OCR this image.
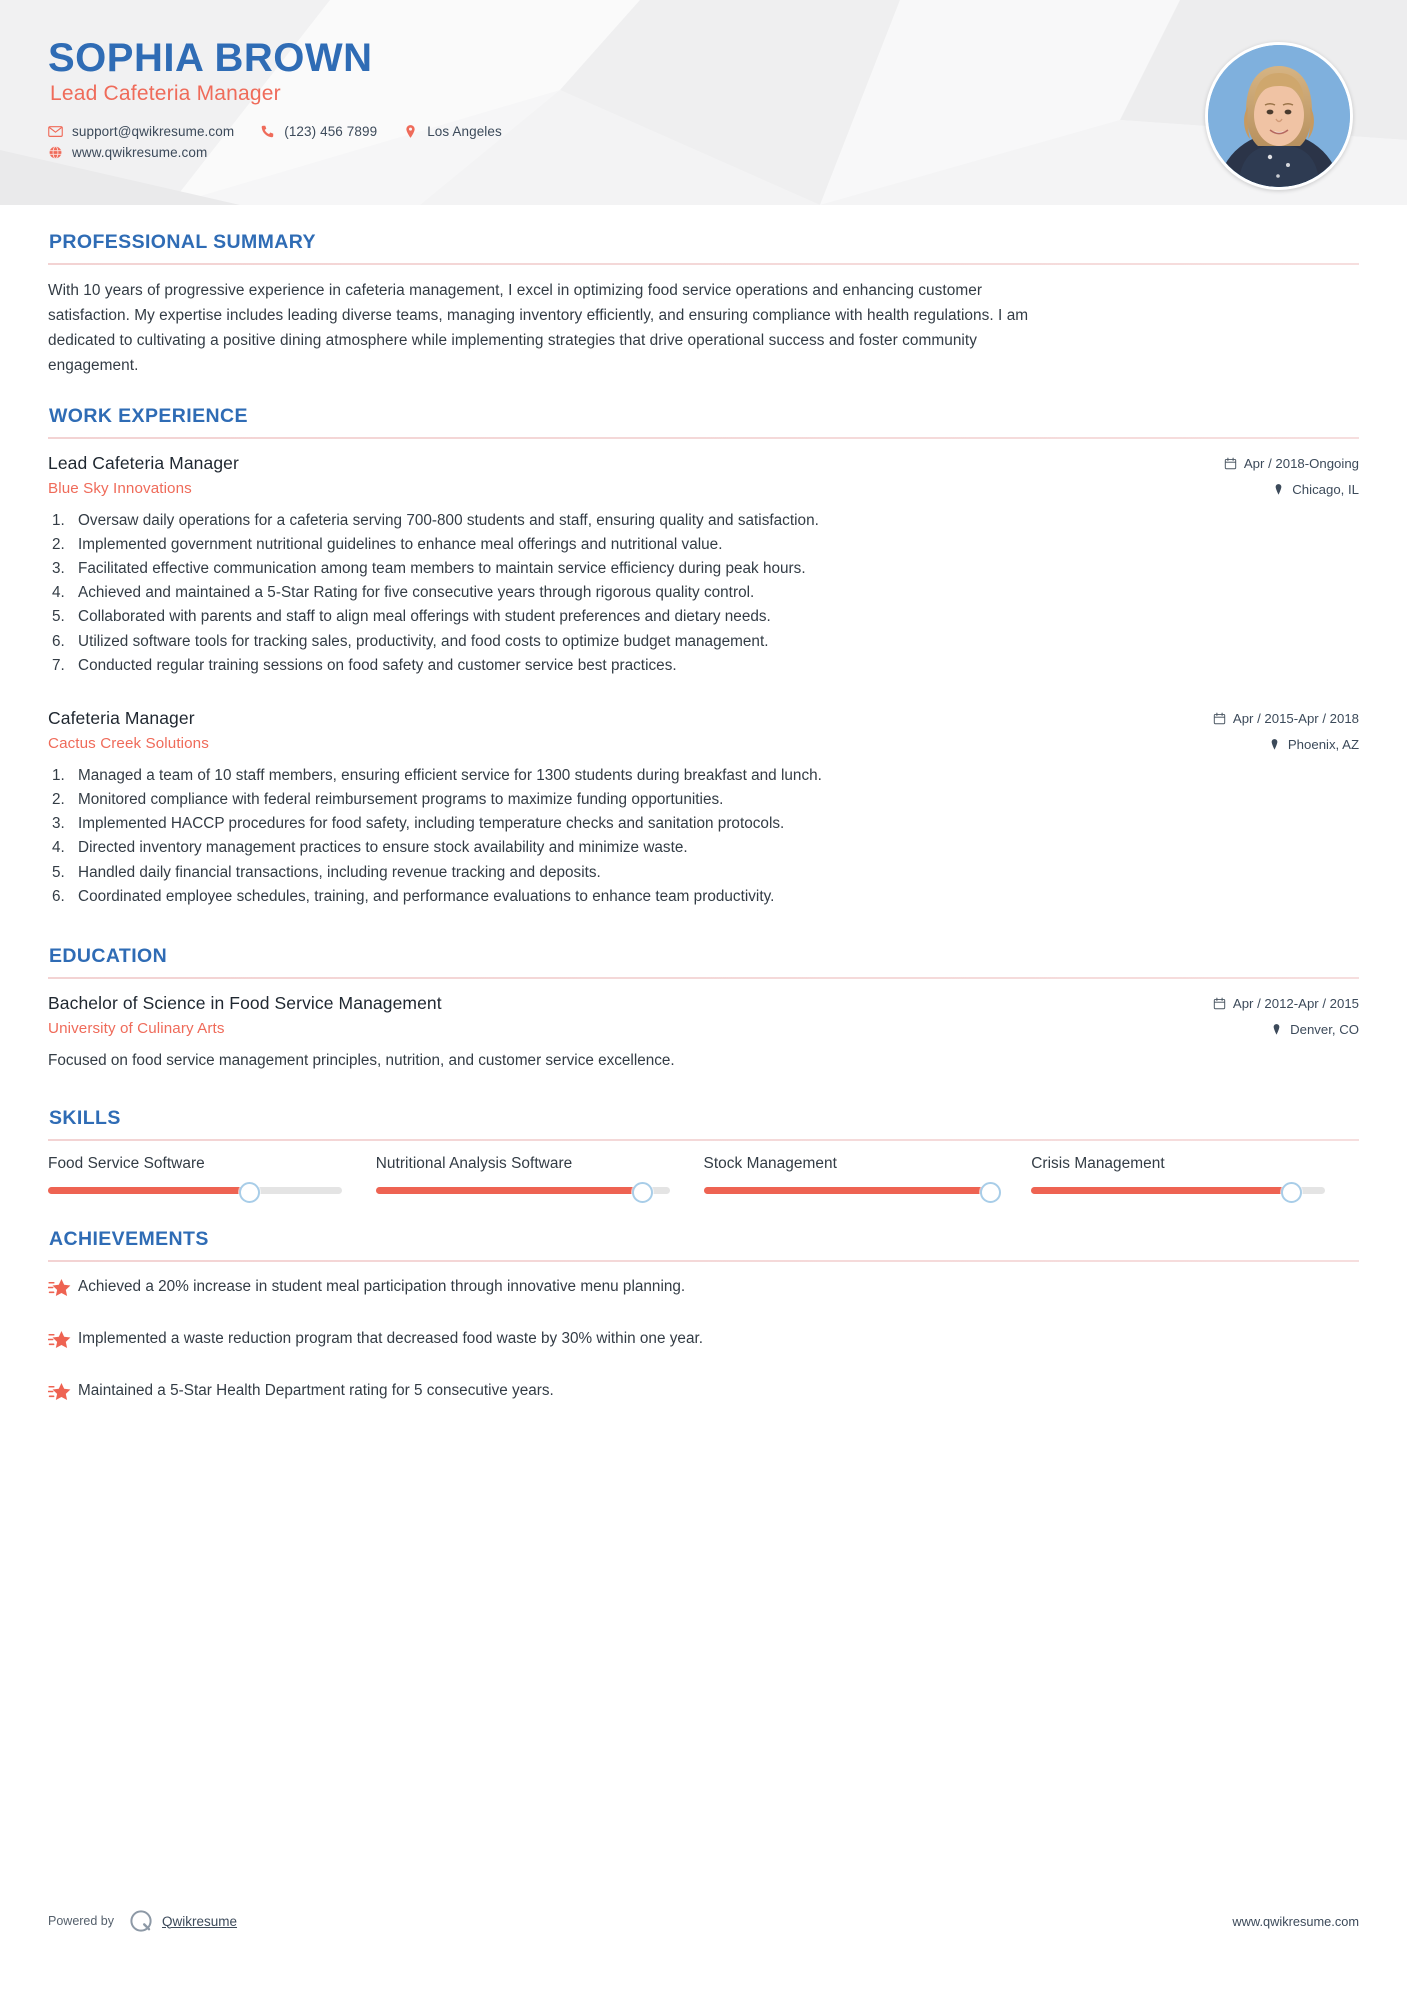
SOPHIA BROWN
Lead Cafeteria Manager
support@qwikresume.com	(123) 456 7899	Los Angeles
www.qwikresume.com
PROFESSIONAL SUMMARY
With 10 years of progressive experience in cafeteria management, I excel in optimizing food service operations and enhancing customer satisfaction. My expertise includes leading diverse teams, managing inventory efficiently, and ensuring compliance with health regulations. I am dedicated to cultivating a positive dining atmosphere while implementing strategies that drive operational success and foster community engagement.
WORK EXPERIENCE
Lead Cafeteria Manager
Blue Sky Innovations
Apr / 2018-Ongoing
Chicago, IL
1. Oversaw daily operations for a cafeteria serving 700-800 students and staff, ensuring quality and satisfaction.
2. Implemented government nutritional guidelines to enhance meal offerings and nutritional value.
3. Facilitated effective communication among team members to maintain service efficiency during peak hours.
4. Achieved and maintained a 5-Star Rating for five consecutive years through rigorous quality control.
5. Collaborated with parents and staff to align meal offerings with student preferences and dietary needs.
6. Utilized software tools for tracking sales, productivity, and food costs to optimize budget management.
7. Conducted regular training sessions on food safety and customer service best practices.
Cafeteria Manager
Cactus Creek Solutions
Apr / 2015-Apr / 2018
Phoenix, AZ
1. Managed a team of 10 staff members, ensuring efficient service for 1300 students during breakfast and lunch.
2. Monitored compliance with federal reimbursement programs to maximize funding opportunities.
3. Implemented HACCP procedures for food safety, including temperature checks and sanitation protocols.
4. Directed inventory management practices to ensure stock availability and minimize waste.
5. Handled daily financial transactions, including revenue tracking and deposits.
6. Coordinated employee schedules, training, and performance evaluations to enhance team productivity.
EDUCATION
Bachelor of Science in Food Service Management
University of Culinary Arts
Apr / 2012-Apr / 2015
Denver, CO
Focused on food service management principles, nutrition, and customer service excellence.
SKILLS
Food Service Software	Nutritional Analysis Software	Stock Management	Crisis Management
ACHIEVEMENTS
Achieved a 20% increase in student meal participation through innovative menu planning.
Implemented a waste reduction program that decreased food waste by 30% within one year.
Maintained a 5-Star Health Department rating for 5 consecutive years.
Powered by	Qwikresume	www.qwikresume.com
